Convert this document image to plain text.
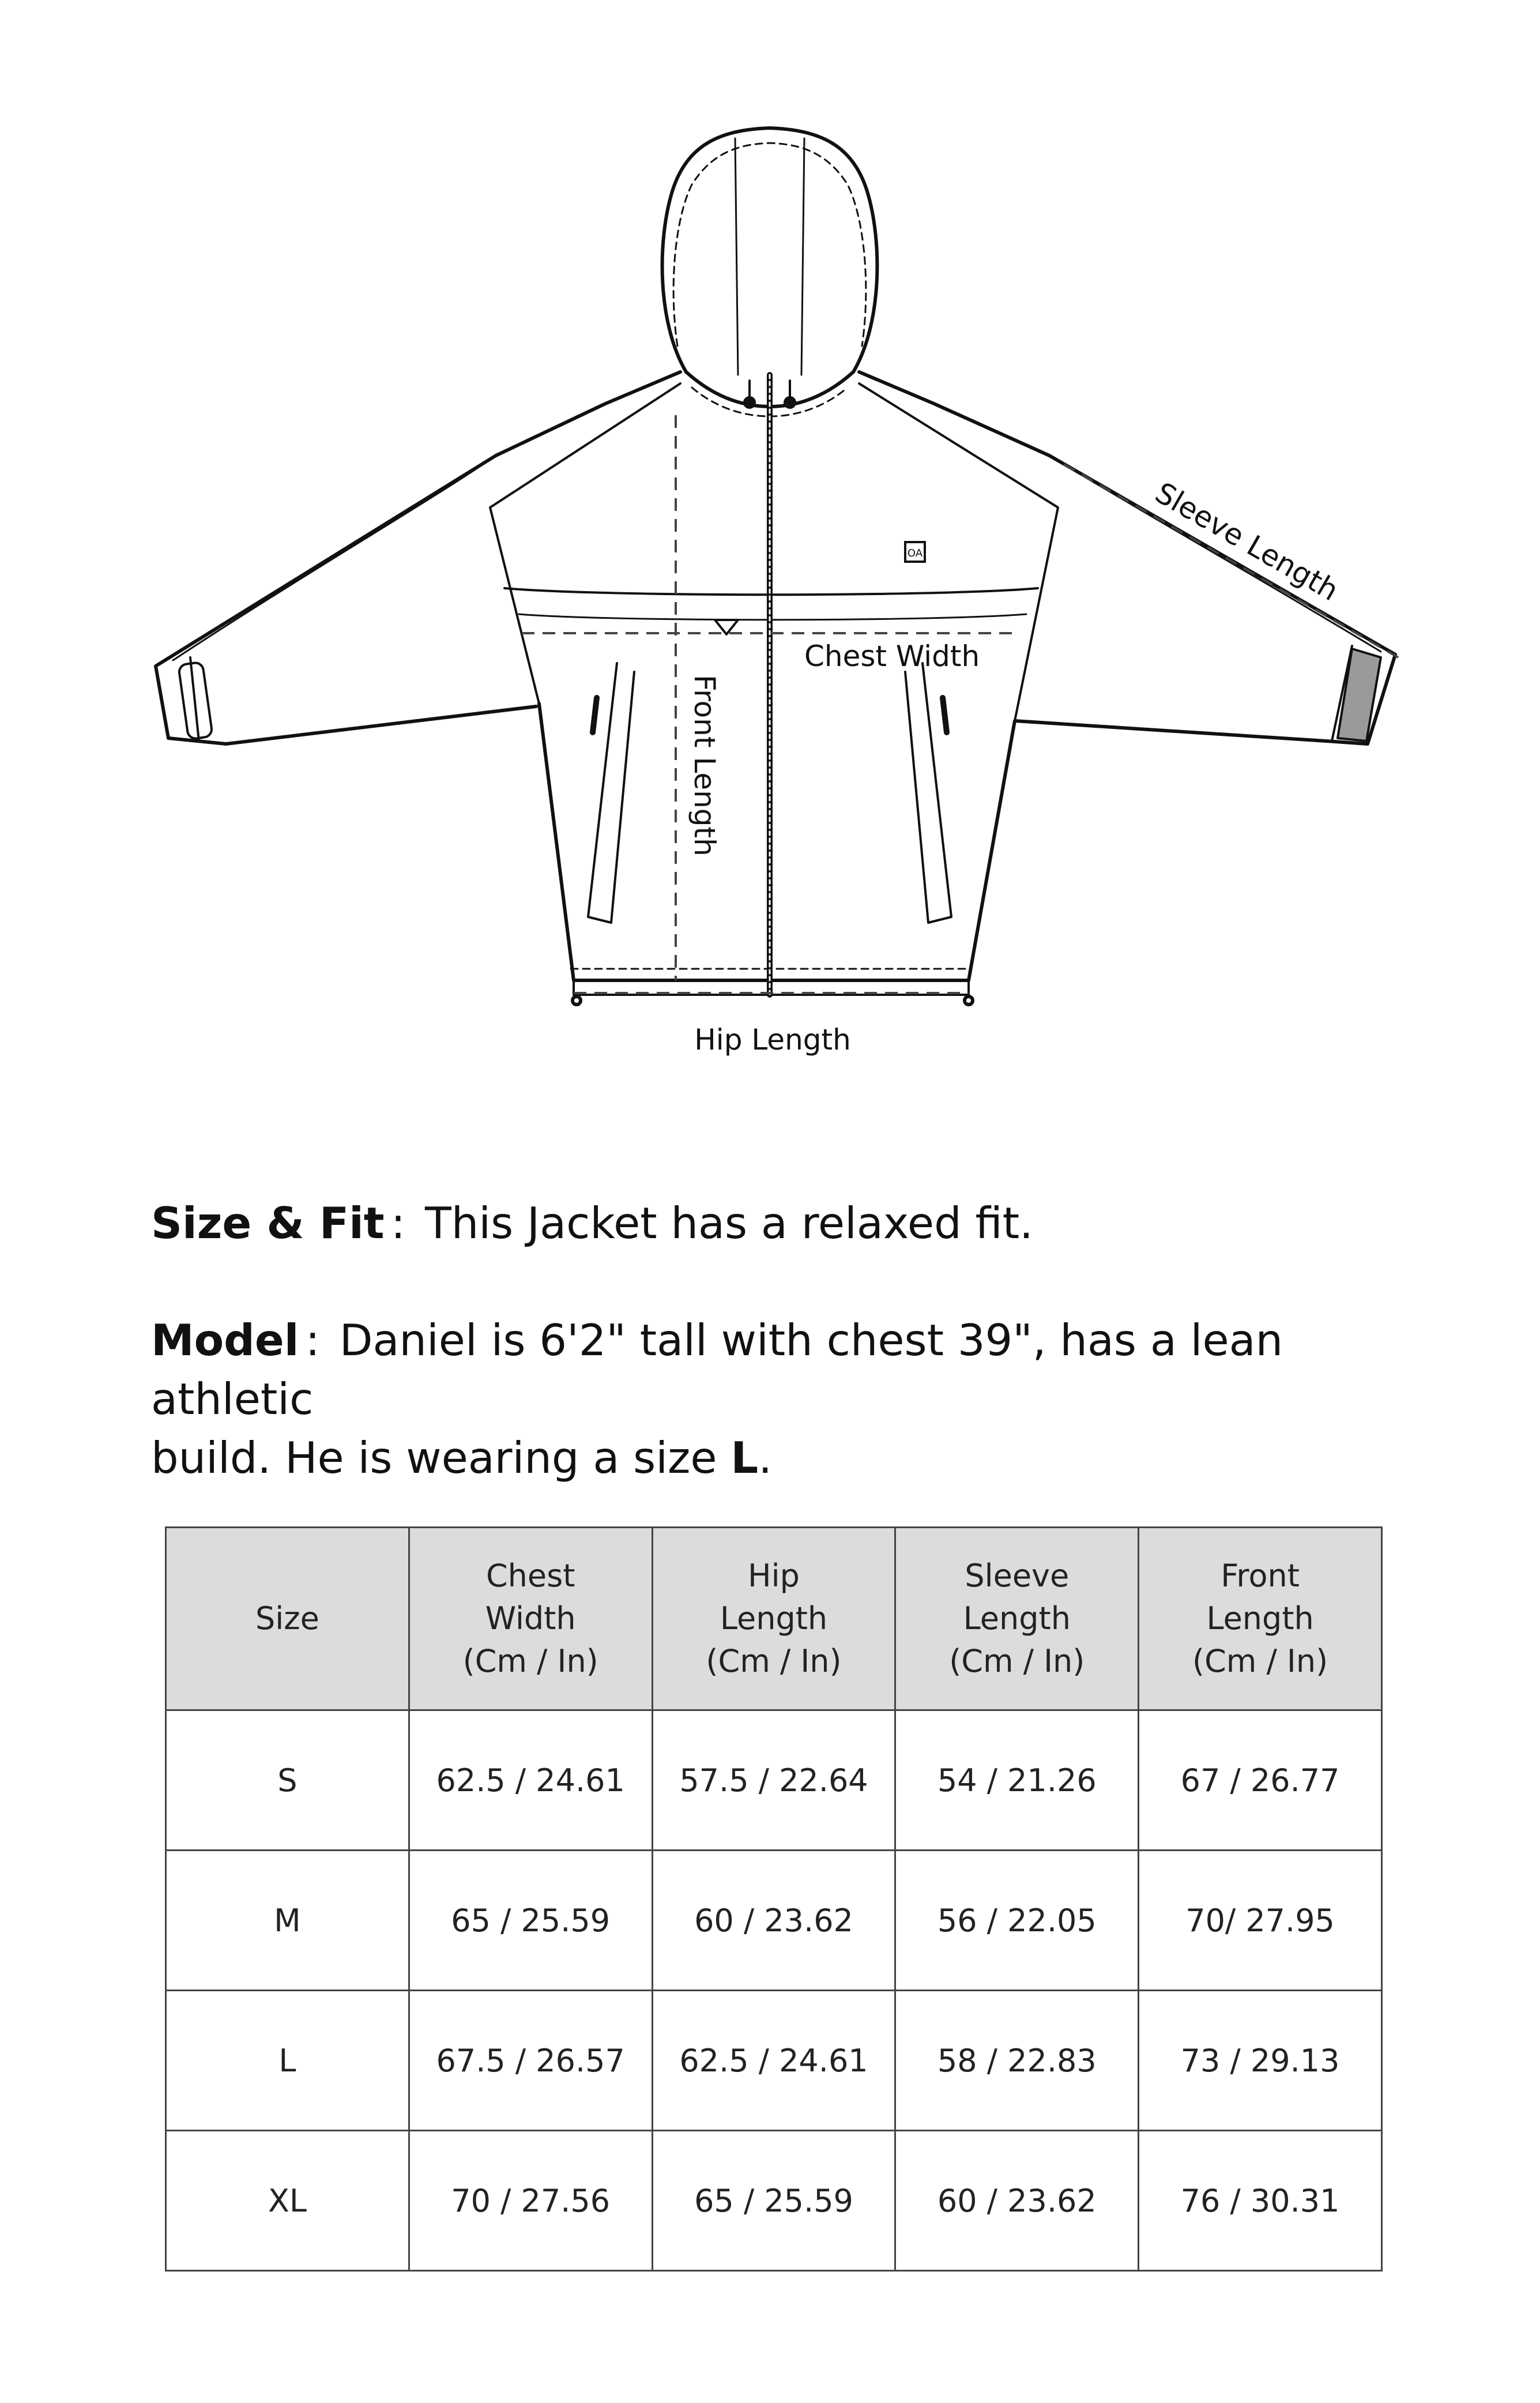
OA	Sleeve Length
Chest Width
Front Length
Hip Length
Size & Fit : This Jacket has a relaxed fit.
Model : Daniel is 6'2" tall with chest 39", has a lean athletic
build. He is wearing a size L.
Size	Chest
Width
(Cm / In)	Hip
Length
(Cm / In)	Sleeve
Length
(Cm / In)	Front
Length
(Cm / In)
S	62.5 / 24.61	57.5 / 22.64	54 / 21.26	67 / 26.77
M	65 / 25.59	60 / 23.62	56 / 22.05	70/ 27.95
L	67.5 / 26.57	62.5 / 24.61	58 / 22.83	73 / 29.13
XL	70 / 27.56	65 / 25.59	60 / 23.62	76 / 30.31
